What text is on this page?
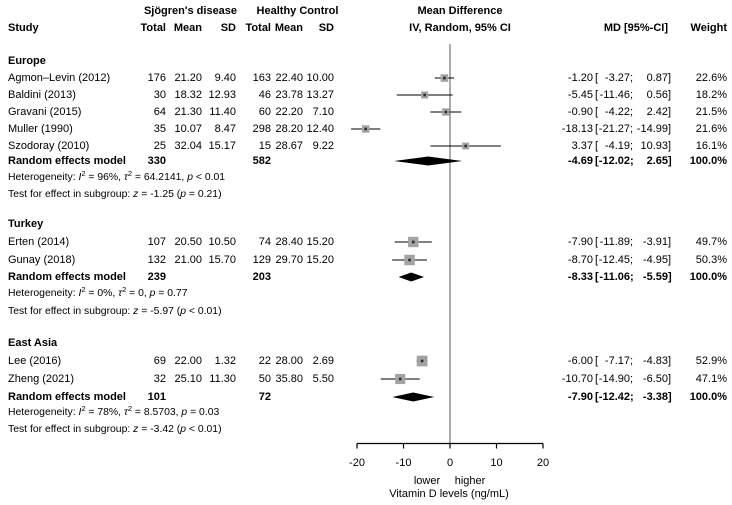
-20	-10	0	10	20
lower higher
Vitamin D levels (ng/mL)
Sjögren's disease	Healthy Control	Mean Difference
Study	Total Mean	SD Total Mean	SD	IV, Random, 95% CI	MD [95%-CI]	Weight
Europe
Agmon–Levin (2012)	176 21.20	9.40	163 22.40 10.00	-1.20 [ -3.27 ;	0.87 ]	22.6%
Baldini (2013)	30 18.32 12.93	46 23.78 13.27	-5.45 [ -11.46 ;	0.56 ]	18.2%
Gravani (2015)	64 21.30 11.40	60 22.20 7.10	-0.90 [ -4.22 ;	2.42 ]	21.5%
Muller (1990)	35 10.07	8.47	298 28.20 12.40	-18.13 [ -21.27 ; -14.99 ]	21.6%
Szodoray (2010)	25 32.04 15.17	15 28.67 9.22	3.37 [ -4.19 ; 10.93 ]	16.1%
Random effects model	330	582	-4.69 [ -12.02 ;	2.65 ]	100.0%
Heterogeneity: $I^2 = 96\%$, $\tau^2 = 64.2141$, p < 0.01
Test for effect in subgroup: z = -1.25 (p = 0.21)
Turkey
Erten (2014)	107 20.50 10.50	74 28.40 15.20	-7.90 [ -11.89 ; -3.91 ]	49.7%
Gunay (2018)	132 21.00 15.70	129 29.70 15.20	-8.70 [ -12.45 ; -4.95 ]	50.3%
Random effects model	239	203	-8.33 [ -11.06 ; -5.59 ]	100.0%
Heterogeneity: $I^2 = 0\%$, $\tau^2 = 0$, p = 0.77
Test for effect in subgroup: z = -5.97 (p < 0.01)
East Asia
Lee (2016)	69 22.00	1.32	22 28.00 2.69	-6.00 [ -7.17 ; -4.83 ]	52.9%
Zheng (2021)	32 25.10 11.30	50 35.80 5.50	-10.70 [ -14.90 ; -6.50 ]	47.1%
Random effects model	101	72	-7.90 [ -12.42 ; -3.38 ]	100.0%
Heterogeneity: $I^2 = 78\%$, $\tau^2 = 8.5703$, p = 0.03
Test for effect in subgroup: z = -3.42 (p < 0.01)
